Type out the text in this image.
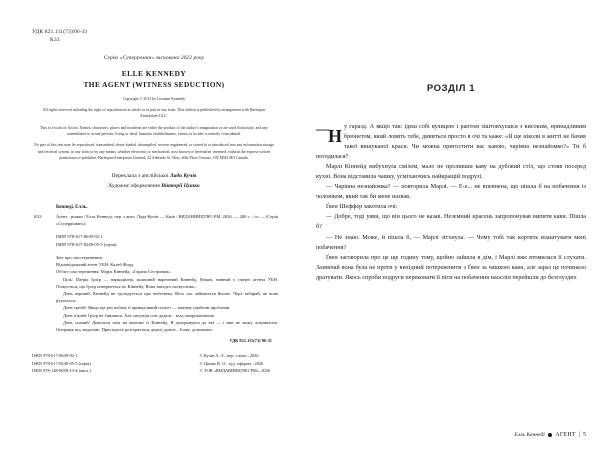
УДК 821.111(73)'06-31
К33
Серію «Суперроман» засновано 2022 року
ELLE KENNEDY
THE AGENT (WITNESS SEDUCTION)
Copyright © 2013 by Leeanne Kennedy
All rights reserved including the right of reproduction in whole or in part in any form. This edition is published by arrangement with Harlequin Enterprises ULC.
This is a work of fiction. Names, characters, places and incidents are either the product of the author's imagination or are used fictitiously, and any resemblance to actual persons, living or dead, business establishments, events or locales is entirely coincidental.
No part of this text may be reproduced, transmitted, down-loaded, decompiled, reverse engineered, or stored in or introduced into any information storage and retrieval system, in any form or by any means, whether electronic or mechanical, now known or hereinafter invented, without the express written permission of publisher, Harlequin Enterprises Limited, 22 Adelaide St. West, 40th Floor Toronto, ON M5H 4E3 Canada.
Переклала з англійської Лада Кучів
Художнє оформлення Вікторії Цинко
Кеннеді, Елль.
К33	Агент : роман / Елль Кеннеді; пер. з англ. Лада Кучів. — Київ : ВИДАВНИЦТВО РМ, 2026. — 200 с. : іл. — (Серія «Суперроман»).
ISBN 978-617-8639-92-1.
ISBN 978-617-8248-05-5 (серія).

Звіт про спостереження.

Відповідальний агент УБН: Калеб Форд.

Об'єкт спостереження: Марлі Кіннейд, «Гаряча Сестричка».

Ціль: Патрік Ґрієр — наркодилер, колишній наречений Кіннейд. Втікач, винний у смерті агента УБН. Очікується, що Ґрієр повернеться по Кіннейд. Вона занадто спокуслива...

День перший: Кіннейд не здогадується про небезпеку. Весь час займається йогою. Чорт забирай, як вона рухається...

День третій: Якщо ще раз побачу її принадливий силует — матиму серйозні проблеми.

День п'ятий: Ґрієр не з'являвся. Але ситуація стає дедалі... кхм, напруженішою.

День сьомий: Довелося піти на контакт із Кіннейд. Я доторкнувся до неї — і вже не можу зупинитися. Операція під загрозою. Пристрасть розгоряється дедалі дужче... Боже, допоможи.

УДК 821.111(73)'06-31
ISBN 978-617-8639-92-1
ISBN 978-617-8248-05-5 (серія)
ISBN 978-148-8058-13-4 (англ.)
© Кучів А. Л., пер. з англ., 2026
© Цинко В. О., худ. оформл., 2026
© ТОВ «ВИДАВНИЦТВО РМ», 2026
РОЗДІЛ 1

—Н у гаразд. А якщо так: ідеш собі вулицею і раптом зіштовхуєшся з високим, принадливим брюнетом, який ловить тебе, дивиться просто в очі та каже: «Я ще ніколи в житті не бачив такої вишуканої краси. Чи можна пригостити вас кавою, чарівна незнайомко?» Ти б погодилася?

Марлі Кіннейд вибухнула сміхом, мало не проливши каву на дубовий стіл, що стояв посеред кухні. Вона відставила чашку, усміхаючись найкращій подрузі.

— Чарівна незнайомка? — повторила Марлі. — Е-е... не впевнена, що пішла б на побачення із чоловіком, який так би мене назвав.

Ґвен Шеффер закотила очі:

— Добре, тоді уяви, що він цього не казав. Неземний красень запропонував випити кави. Пішла б?

— Не знаю. Може, й пішла б, — Марлі зітхнула. — Чому тобі так кортить влаштувати мені побачення?

Ґвен заговорила про це ще годину тому, щойно зайшла в дім, і Марлі вже втомилася її слухати. Зазвичай вона була не проти у вихідний потеревенити з Ґвен за чашкою кави, але зараз це починало дратувати. Якось спроби подруги переконати її піти на побачення наосліп перейшли до безглуздих

Елль Кеннеді АГЕНТ | 5
